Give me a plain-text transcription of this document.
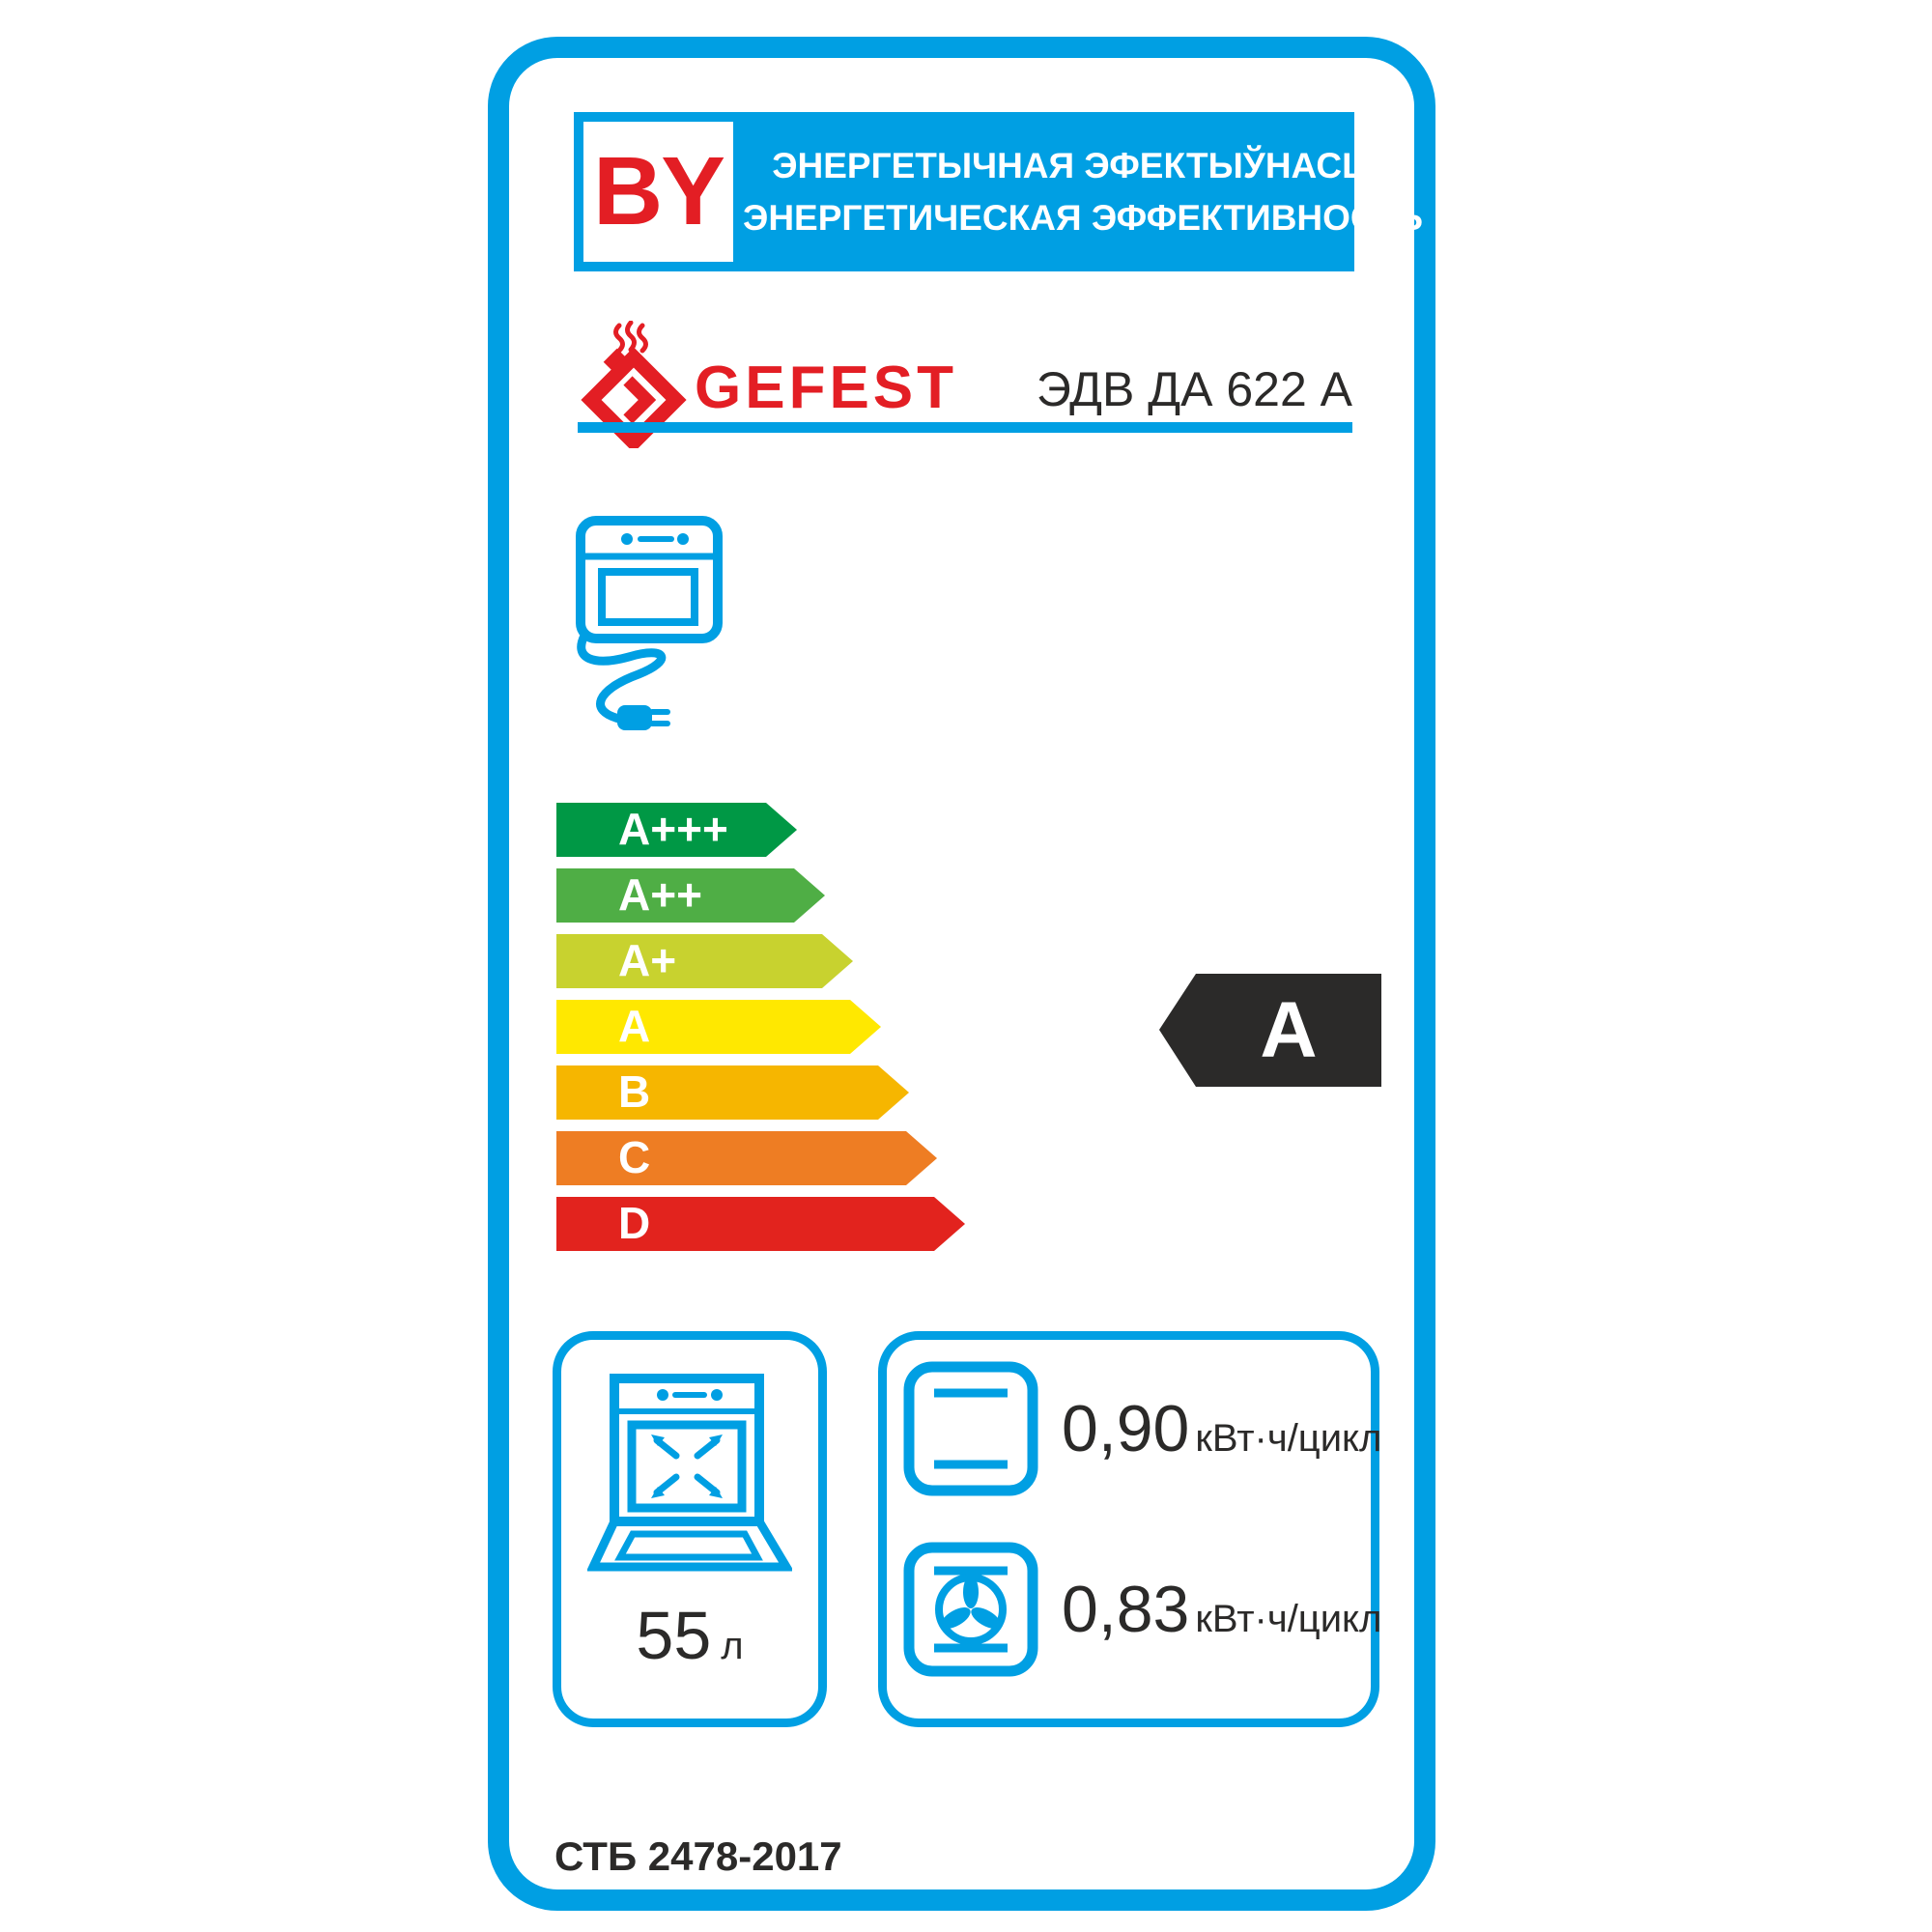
BY ЭНЕРГЕТЫЧНАЯ ЭФЕКТЫЎНАСЦЬ
ЭНЕРГЕТИЧЕСКАЯ ЭФФЕКТИВНОСТЬ
GEFEST ЭДВ ДА 622 А
A+++
A++
A+
A
B
C
D
A
55 л
0,90 кВт·ч/цикл
0,83 кВт·ч/цикл
СТБ 2478-2017
